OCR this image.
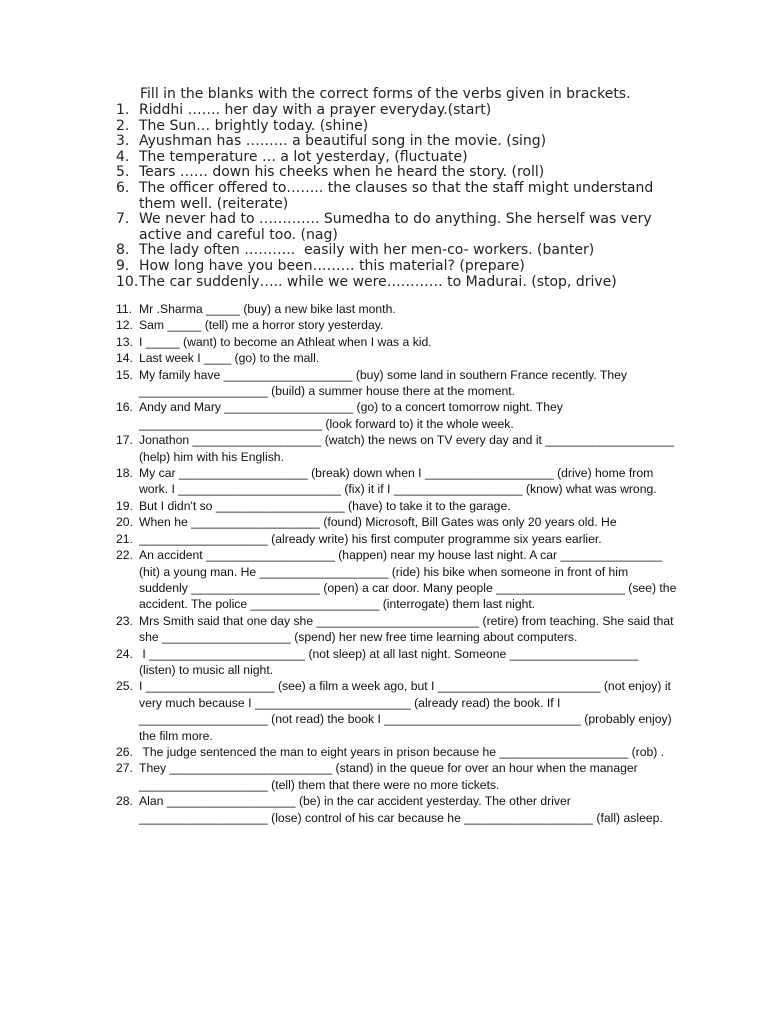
Fill in the blanks with the correct forms of the verbs given in brackets.
1. Riddhi ……. her day with a prayer everyday.(start)
2. The Sun… brightly today. (shine)
3. Ayushman has ……… a beautiful song in the movie. (sing)
4. The temperature … a lot yesterday, (fluctuate)
5. Tears …… down his cheeks when he heard the story. (roll)
6. The officer offered to…….. the clauses so that the staff might understand them well. (reiterate)
7. We never had to …………. Sumedha to do anything. She herself was very active and careful too. (nag)
8. The lady often ………..  easily with her men-co- workers. (banter)
9. How long have you been……… this material? (prepare)
10. The car suddenly….. while we were………… to Madurai. (stop, drive)
11. Mr .Sharma _____ (buy) a new bike last month.
12. Sam _____ (tell) me a horror story yesterday.
13. I _____ (want) to become an Athleat when I was a kid.
14. Last week I ____ (go) to the mall.
15. My family have ___________________ (buy) some land in southern France recently. They ___________________ (build) a summer house there at the moment.
16. Andy and Mary ___________________ (go) to a concert tomorrow night. They ___________________________ (look forward to) it the whole week.
17. Jonathon ___________________ (watch) the news on TV every day and it ___________________  (help) him with his English.
18. My car ___________________ (break) down when I ___________________ (drive) home from work. I ________________________ (fix) it if I ___________________ (know) what was wrong.
19. But I didn't so ___________________ (have) to take it to the garage.
20. When he ___________________ (found) Microsoft, Bill Gates was only 20 years old. He
21. ___________________ (already write) his first computer programme six years earlier.
22. An accident ___________________ (happen) near my house last night. A car _______________ (hit) a young man. He ___________________ (ride) his bike when someone in front of him suddenly ___________________ (open) a car door. Many people ___________________ (see) the accident. The police ___________________ (interrogate) them last night.
23. Mrs Smith said that one day she ________________________ (retire) from teaching. She said that she ___________________ (spend) her new free time learning about computers.
24. I _______________________ (not sleep) at all last night. Someone ___________________ (listen) to music all night.
25. I ___________________ (see) a film a week ago, but I ________________________ (not enjoy) it very much because I _______________________ (already read) the book. If I ___________________ (not read) the book I _____________________________ (probably enjoy) the film more.
26. The judge sentenced the man to eight years in prison because he ___________________ (rob) .
27. They ________________________ (stand) in the queue for over an hour when the manager ___________________ (tell) them that there were no more tickets.
28. Alan ___________________ (be) in the car accident yesterday. The other driver ___________________ (lose) control of his car because he ___________________ (fall) asleep.
